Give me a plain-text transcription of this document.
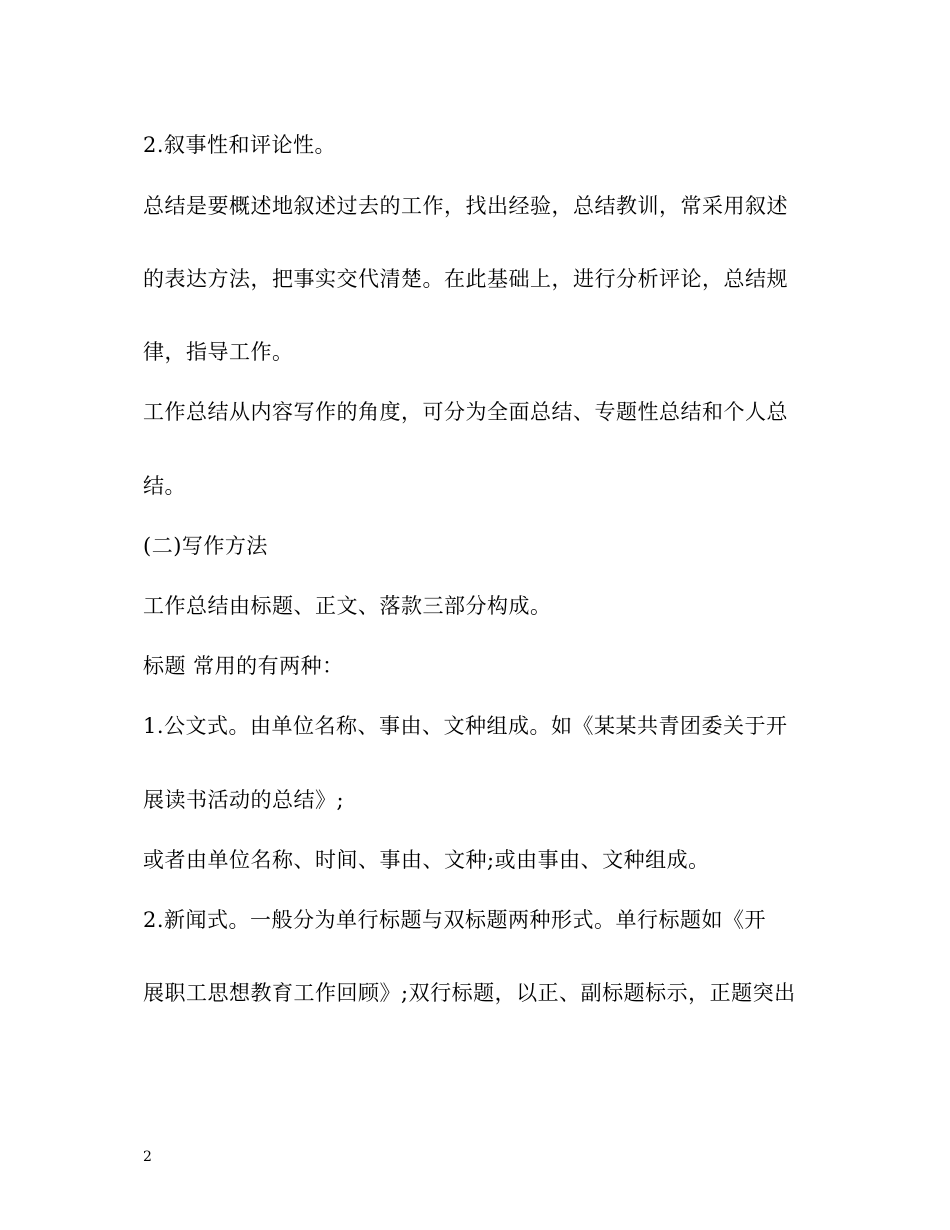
2.叙事性和评论性。
总结是要概述地叙述过去的工作，找出经验，总结教训，常采用叙述
的表达方法，把事实交代清楚。在此基础上，进行分析评论，总结规
律，指导工作。
工作总结从内容写作的角度，可分为全面总结、专题性总结和个人总
结。
(二)写作方法
工作总结由标题、正文、落款三部分构成。
标题 常用的有两种：
1.公文式。由单位名称、事由、文种组成。如《某某共青团委关于开
展读书活动的总结》;
或者由单位名称、时间、事由、文种;或由事由、文种组成。
2.新闻式。一般分为单行标题与双标题两种形式。单行标题如《开
展职工思想教育工作回顾》;双行标题，以正、副标题标示，正题突出
2
